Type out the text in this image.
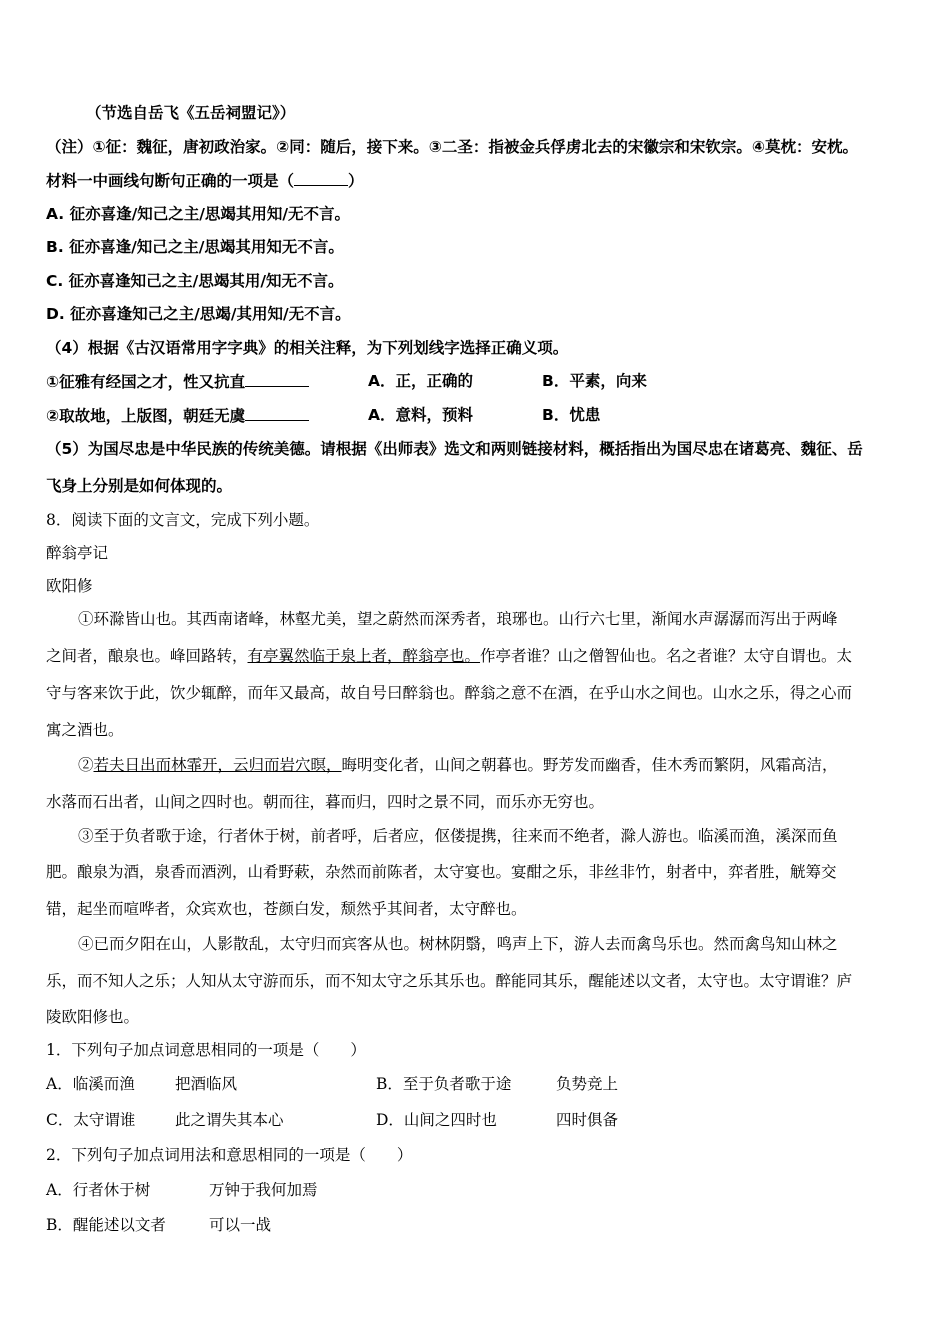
（节选自岳飞《五岳祠盟记》）
（注）①征：魏征，唐初政治家。②同：随后，接下来。③二圣：指被金兵俘虏北去的宋徽宗和宋钦宗。④莫枕：安枕。
材料一中画线句断句正确的一项是（	）
A. 征亦喜逢/知己之主/思竭其用知/无不言。
B. 征亦喜逢/知己之主/思竭其用知无不言。
C. 征亦喜逢知己之主/思竭其用/知无不言。
D. 征亦喜逢知己之主/思竭/其用知/无不言。
（4）根据《古汉语常用字字典》的相关注释，为下列划线字选择正确义项。
①征雅有经国之才，性又抗直	A．正，正确的	B．平素，向来
②取故地，上版图，朝廷无虞	A．意料，预料	B．忧患
（5）为国尽忠是中华民族的传统美德。请根据《出师表》选文和两则链接材料，概括指出为国尽忠在诸葛亮、魏征、岳
飞身上分别是如何体现的。
8．阅读下面的文言文，完成下列小题。
醉翁亭记
欧阳修
①环滁皆山也。其西南诸峰，林壑尤美，望之蔚然而深秀者，琅琊也。山行六七里，渐闻水声潺潺而泻出于两峰
之间者，酿泉也。峰回路转，有亭翼然临于泉上者，醉翁亭也。作亭者谁？山之僧智仙也。名之者谁？太守自谓也。太
守与客来饮于此，饮少辄醉，而年又最高，故自号曰醉翁也。醉翁之意不在酒，在乎山水之间也。山水之乐，得之心而
寓之酒也。
②若夫日出而林霏开，云归而岩穴暝，晦明变化者，山间之朝暮也。野芳发而幽香，佳木秀而繁阴，风霜高洁，
水落而石出者，山间之四时也。朝而往，暮而归，四时之景不同，而乐亦无穷也。
③至于负者歌于途，行者休于树，前者呼，后者应，伛偻提携，往来而不绝者，滁人游也。临溪而渔，溪深而鱼
肥。酿泉为酒，泉香而酒洌，山肴野蔌，杂然而前陈者，太守宴也。宴酣之乐，非丝非竹，射者中，弈者胜，觥筹交
错，起坐而喧哗者，众宾欢也，苍颜白发，颓然乎其间者，太守醉也。
④已而夕阳在山，人影散乱，太守归而宾客从也。树林阴翳，鸣声上下，游人去而禽鸟乐也。然而禽鸟知山林之
乐，而不知人之乐；人知从太守游而乐，而不知太守之乐其乐也。醉能同其乐，醒能述以文者，太守也。太守谓谁？庐
陵欧阳修也。
1．下列句子加点词意思相同的一项是（　　）
A．临溪而渔	把酒临风	B．至于负者歌于途	负势竞上
C．太守谓谁	此之谓失其本心	D．山间之四时也	四时俱备
2．下列句子加点词用法和意思相同的一项是（　　）
A．行者休于树	万钟于我何加焉
B．醒能述以文者	可以一战
